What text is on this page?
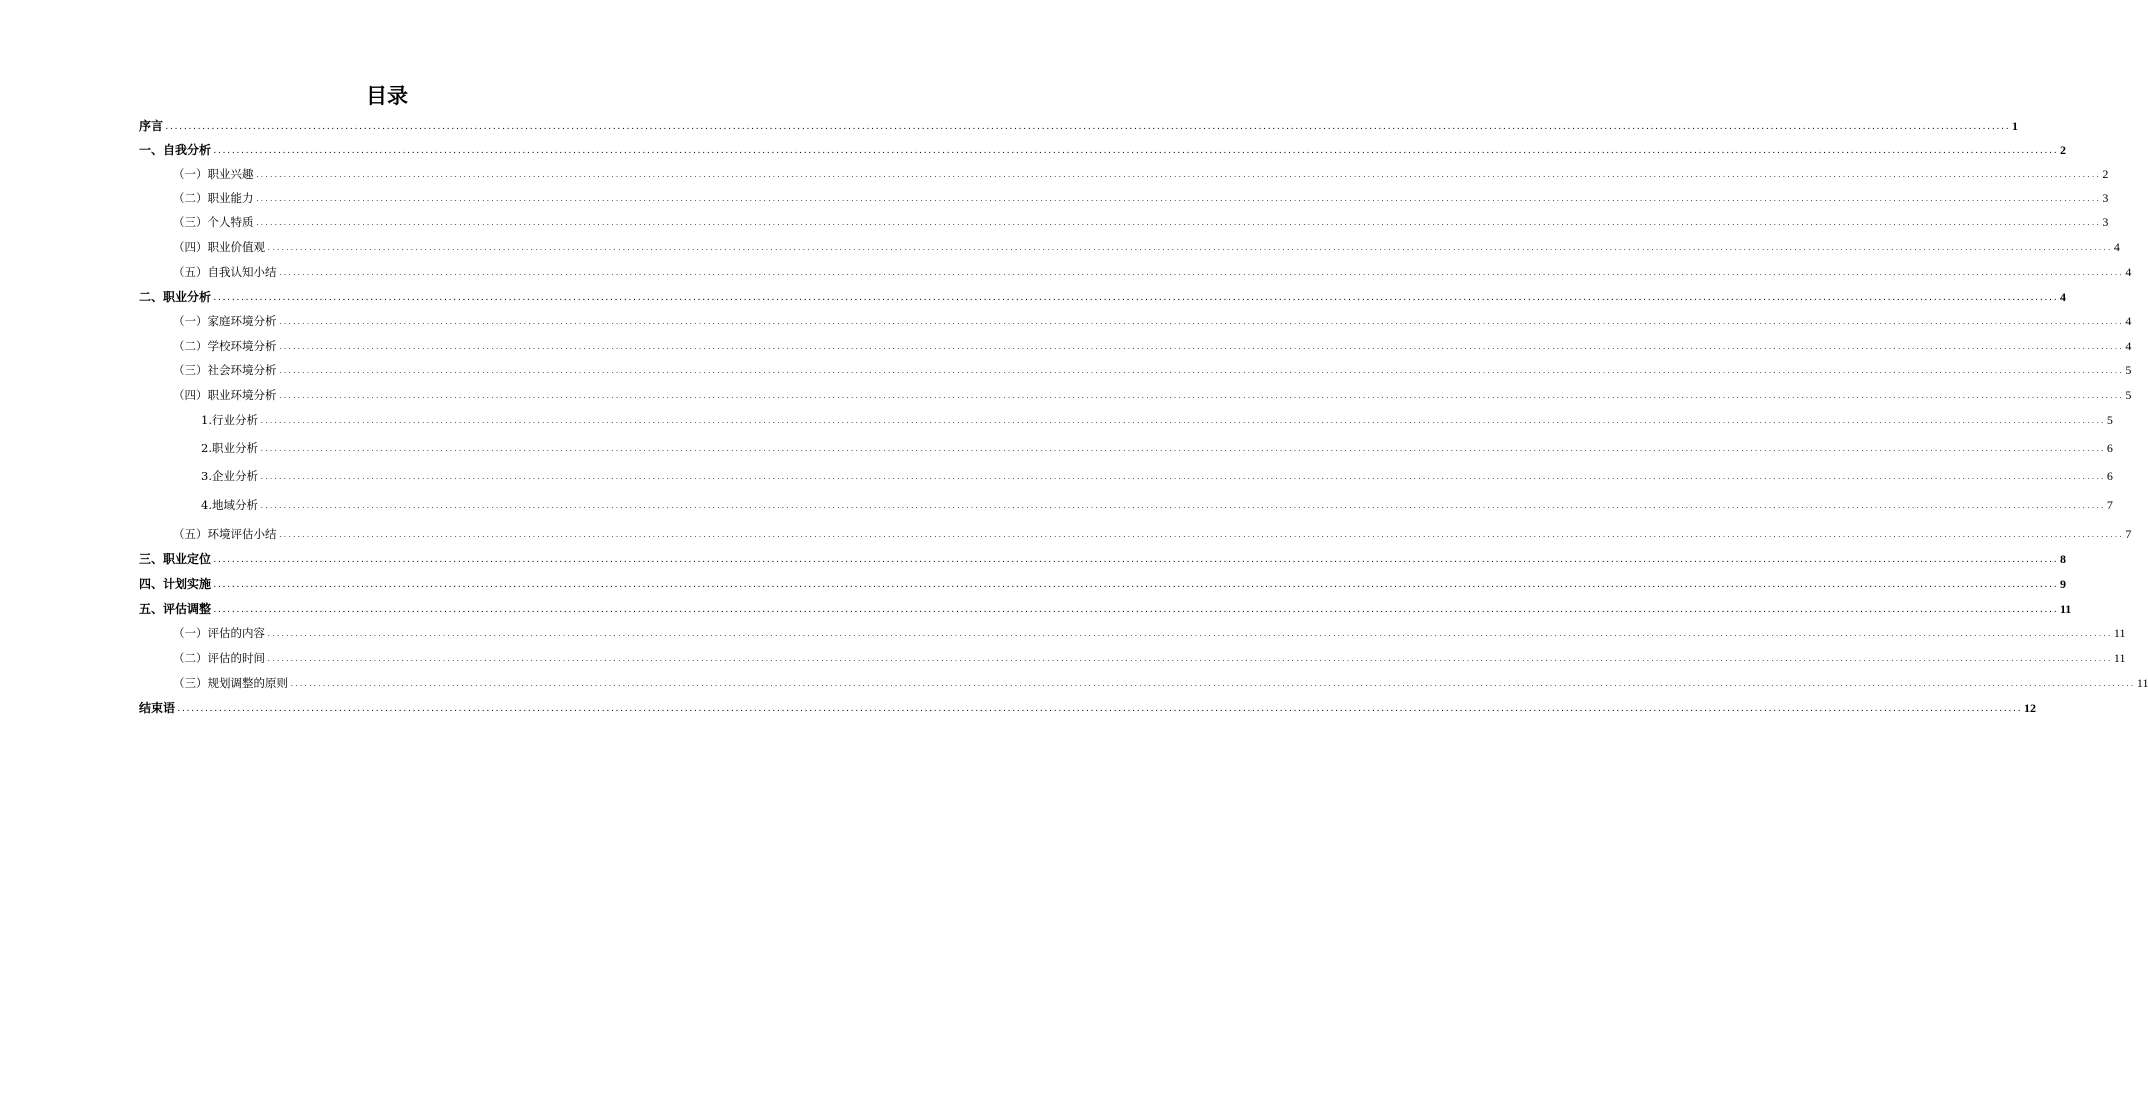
目录
序言 ................................................................................................................................................................................................................................................................................................................................................................................................................ 1
一、自我分析 ................................................................................................................................................................................................................................................................................................................................................................................................................ 2
（一）职业兴趣 ................................................................................................................................................................................................................................................................................................................................................................................................................ 2
（二）职业能力 ................................................................................................................................................................................................................................................................................................................................................................................................................ 3
（三）个人特质 ................................................................................................................................................................................................................................................................................................................................................................................................................ 3
（四）职业价值观 ................................................................................................................................................................................................................................................................................................................................................................................................................ 4
（五）自我认知小结 ................................................................................................................................................................................................................................................................................................................................................................................................................ 4
二、职业分析 ................................................................................................................................................................................................................................................................................................................................................................................................................ 4
（一）家庭环境分析 ................................................................................................................................................................................................................................................................................................................................................................................................................ 4
（二）学校环境分析 ................................................................................................................................................................................................................................................................................................................................................................................................................ 4
（三）社会环境分析 ................................................................................................................................................................................................................................................................................................................................................................................................................ 5
（四）职业环境分析 ................................................................................................................................................................................................................................................................................................................................................................................................................ 5
1.行业分析 ................................................................................................................................................................................................................................................................................................................................................................................................................ 5
2.职业分析 ................................................................................................................................................................................................................................................................................................................................................................................................................ 6
3.企业分析 ................................................................................................................................................................................................................................................................................................................................................................................................................ 6
4.地域分析 ................................................................................................................................................................................................................................................................................................................................................................................................................ 7
（五）环境评估小结 ................................................................................................................................................................................................................................................................................................................................................................................................................ 7
三、职业定位 ................................................................................................................................................................................................................................................................................................................................................................................................................ 8
四、计划实施 ................................................................................................................................................................................................................................................................................................................................................................................................................ 9
五、评估调整 ................................................................................................................................................................................................................................................................................................................................................................................................................ 11
（一）评估的内容 ................................................................................................................................................................................................................................................................................................................................................................................................................ 11
（二）评估的时间 ................................................................................................................................................................................................................................................................................................................................................................................................................ 11
（三）规划调整的原则 ................................................................................................................................................................................................................................................................................................................................................................................................................ 11
结束语 ................................................................................................................................................................................................................................................................................................................................................................................................................ 12
